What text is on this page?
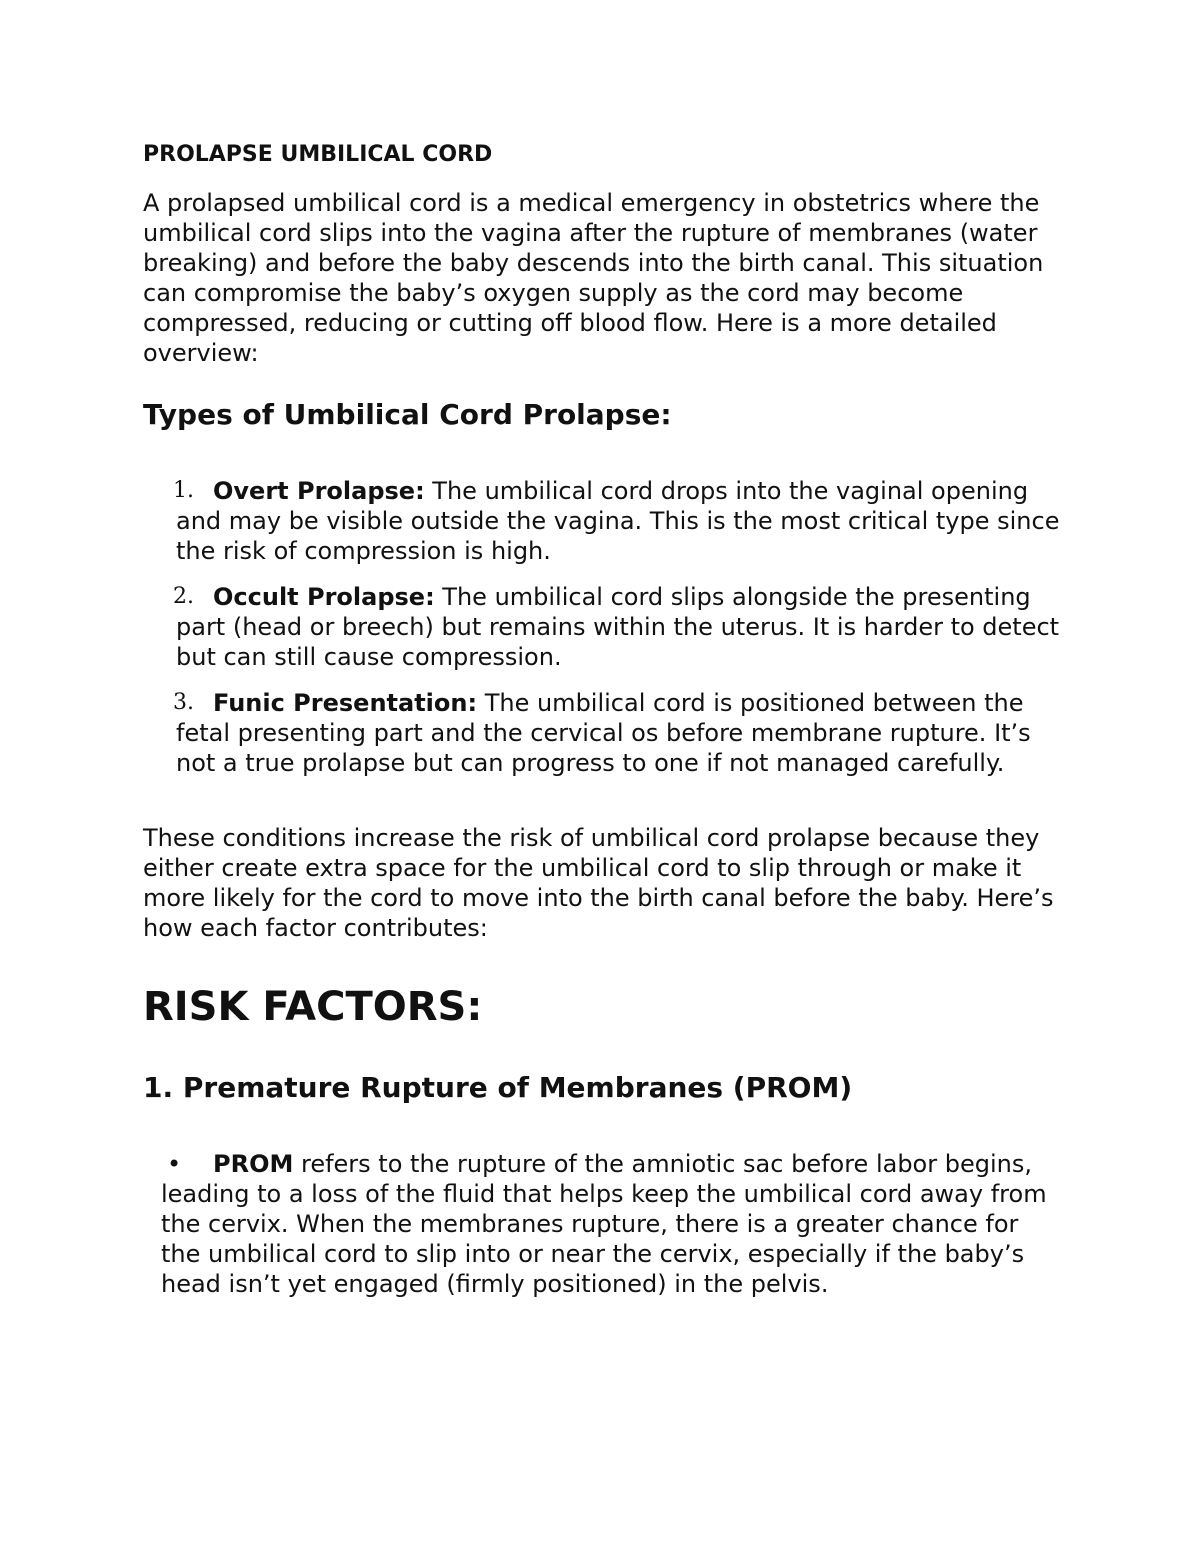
PROLAPSE UMBILICAL CORD

A prolapsed umbilical cord is a medical emergency in obstetrics where the umbilical cord slips into the vagina after the rupture of membranes (water breaking) and before the baby descends into the birth canal. This situation can compromise the baby’s oxygen supply as the cord may become compressed, reducing or cutting off blood flow. Here is a more detailed overview:

Types of Umbilical Cord Prolapse:
1. Overt Prolapse: The umbilical cord drops into the vaginal opening and may be visible outside the vagina. This is the most critical type since the risk of compression is high.
2. Occult Prolapse: The umbilical cord slips alongside the presenting part (head or breech) but remains within the uterus. It is harder to detect but can still cause compression.
3. Funic Presentation: The umbilical cord is positioned between the fetal presenting part and the cervical os before membrane rupture. It’s not a true prolapse but can progress to one if not managed carefully.

These conditions increase the risk of umbilical cord prolapse because they either create extra space for the umbilical cord to slip through or make it more likely for the cord to move into the birth canal before the baby. Here’s how each factor contributes:

RISK FACTORS:
1. Premature Rupture of Membranes (PROM)
•	PROM refers to the rupture of the amniotic sac before labor begins, leading to a loss of the fluid that helps keep the umbilical cord away from the cervix. When the membranes rupture, there is a greater chance for the umbilical cord to slip into or near the cervix, especially if the baby’s head isn’t yet engaged (firmly positioned) in the pelvis.
